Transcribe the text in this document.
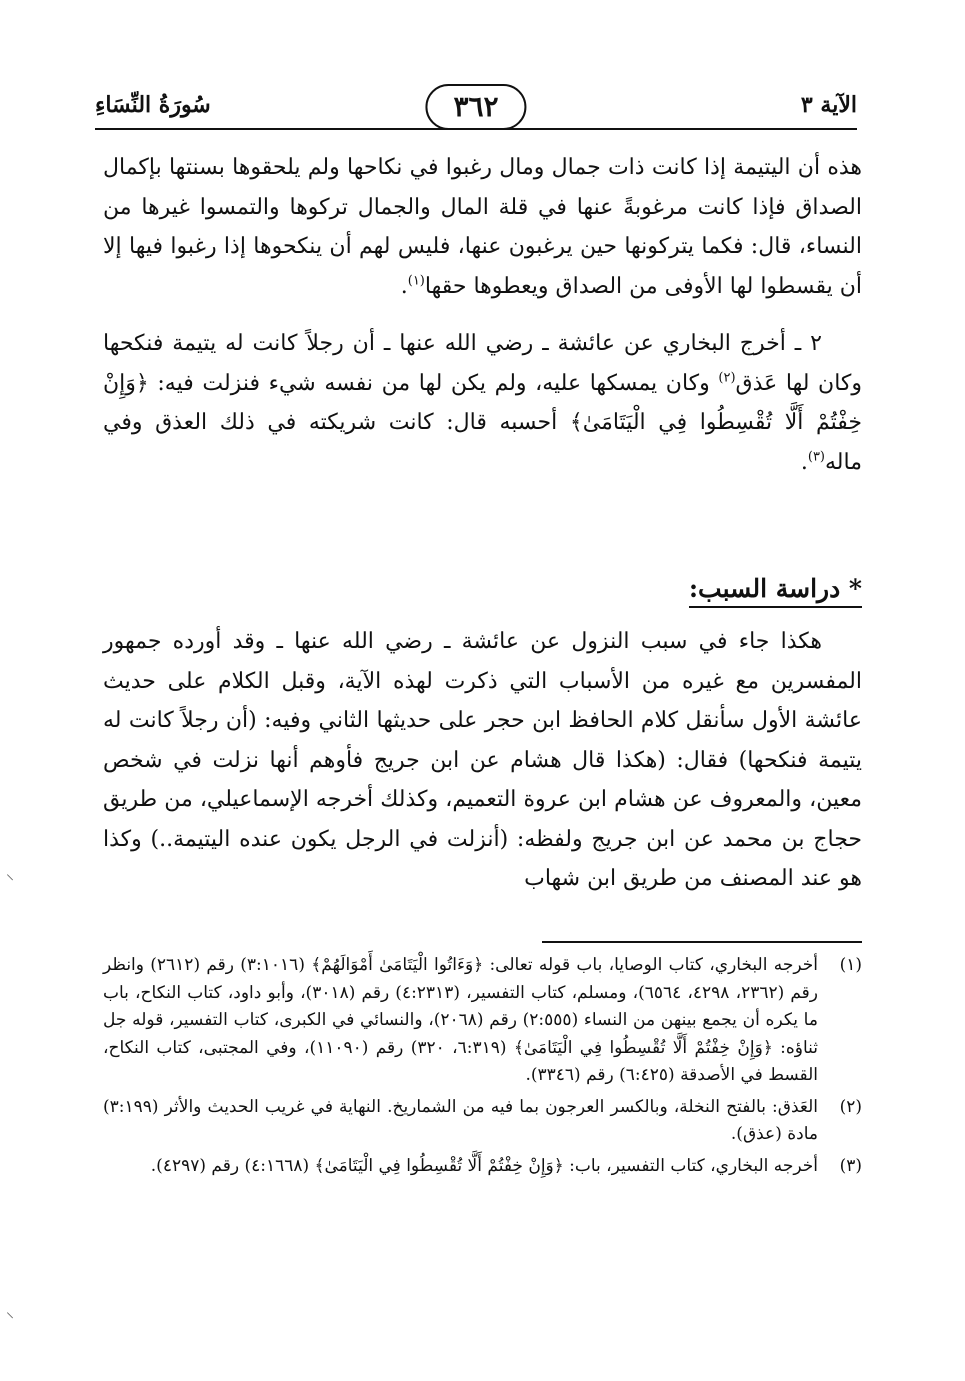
الآية ٣
٣٦٢
سُورَةُ النِّسَاءِ

هذه أن اليتيمة إذا كانت ذات جمال ومال رغبوا في نكاحها ولم يلحقوها بسنتها بإكمال الصداق فإذا كانت مرغوبةً عنها في قلة المال والجمال تركوها والتمسوا غيرها من النساء، قال: فكما يتركونها حين يرغبون عنها، فليس لهم أن ينكحوها إذا رغبوا فيها إلا أن يقسطوا لها الأوفى من الصداق ويعطوها حقها$^{(١)}$.

٢ ـ أخرج البخاري عن عائشة ـ رضي الله عنها ـ أن رجلاً كانت له يتيمة فنكحها وكان لها عَذق$^{(٢)}$ وكان يمسكها عليه، ولم يكن لها من نفسه شيء فنزلت فيه: ﴿وَإِنْ خِفْتُمْ أَلَّا تُقْسِطُوا فِي الْيَتَامَىٰ﴾ أحسبه قال: كانت شريكته في ذلك العذق وفي ماله$^{(٣)}$.

* دراسة السبب:

هكذا جاء في سبب النزول عن عائشة ـ رضي الله عنها ـ وقد أورده جمهور المفسرين مع غيره من الأسباب التي ذكرت لهذه الآية، وقبل الكلام على حديث عائشة الأول سأنقل كلام الحافظ ابن حجر على حديثها الثاني وفيه: (أن رجلاً كانت له يتيمة فنكحها) فقال: (هكذا قال هشام عن ابن جريج فأوهم أنها نزلت في شخص معين، والمعروف عن هشام ابن عروة التعميم، وكذلك أخرجه الإسماعيلي، من طريق حجاج بن محمد عن ابن جريج ولفظه: (أنزلت في الرجل يكون عنده اليتيمة..) وكذا هو عند المصنف من طريق ابن شهاب

(١)
أخرجه البخاري، كتاب الوصايا، باب قوله تعالى: ﴿وَءَاتُوا الْيَتَامَىٰ أَمْوَالَهُمْ﴾ (٣:١٠١٦) رقم (٢٦١٢) وانظر رقم (٢٣٦٢، ٤٢٩٨، ٦٥٦٤)، ومسلم، كتاب التفسير، (٤:٢٣١٣) رقم (٣٠١٨)، وأبو داود، كتاب النكاح، باب ما يكره أن يجمع بينهن من النساء (٢:٥٥٥) رقم (٢٠٦٨)، والنسائي في الكبرى، كتاب التفسير، قوله جل ثناؤه: ﴿وَإِنْ خِفْتُمْ أَلَّا تُقْسِطُوا فِي الْيَتَامَىٰ﴾ (٦:٣١٩، ٣٢٠) رقم (١١٠٩٠)، وفي المجتبى، كتاب النكاح، القسط في الأصدقة (٦:٤٢٥) رقم (٣٣٤٦).
(٢)
العَذق: بالفتح النخلة، وبالكسر العرجون بما فيه من الشماريخ. النهاية في غريب الحديث والأثر (٣:١٩٩) مادة (عذق).
(٣)
أخرجه البخاري، كتاب التفسير، باب: ﴿وَإِنْ خِفْتُمْ أَلَّا تُقْسِطُوا فِي الْيَتَامَىٰ﴾ (٤:١٦٦٨) رقم (٤٢٩٧).
⸝
⸝
